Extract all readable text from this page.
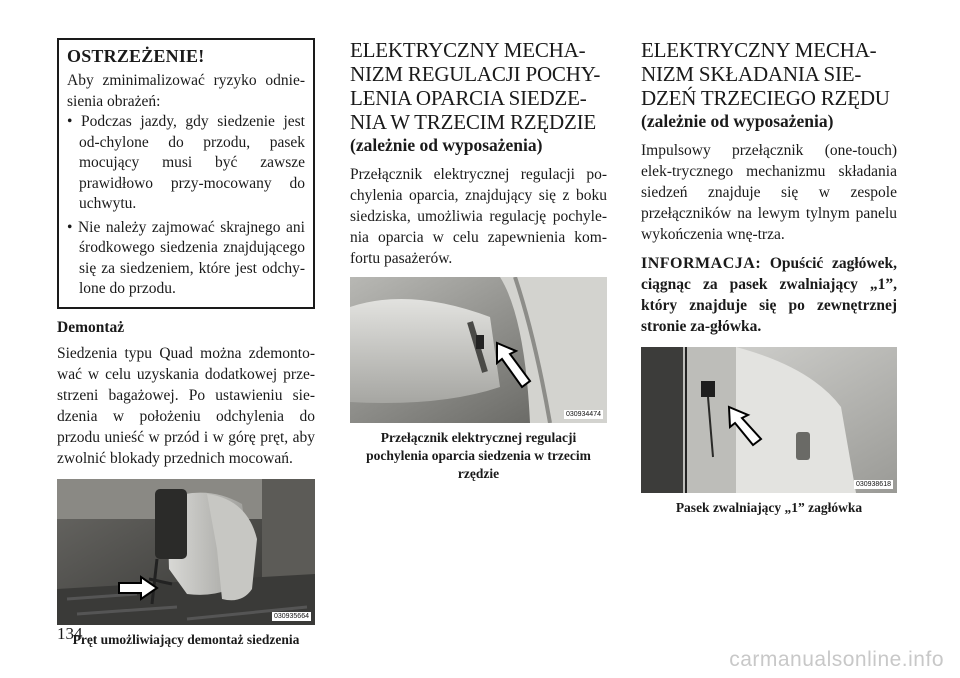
OSTRZEŻENIE!

Aby zminimalizować ryzyko odnie-sienia obrażeń:

• Podczas jazdy, gdy siedzenie jest od-chylone do przodu, pasek mocujący musi być zawsze prawidłowo przy-mocowany do uchwytu.
• Nie należy zajmować skrajnego ani środkowego siedzenia znajdującego się za siedzeniem, które jest odchy-lone do przodu.

Demontaż

Siedzenia typu Quad można zdemonto-wać w celu uzyskania dodatkowej prze-strzeni bagażowej. Po ustawieniu sie-dzenia w położeniu odchylenia do przodu unieść w przód i w górę pręt, aby zwolnić blokady przednich mocowań.

030935664

Pręt umożliwiający demontaż siedzenia

ELEKTRYCZNY MECHA-
NIZM REGULACJI POCHY-
LENIA OPARCIA SIEDZE-
NIA W TRZECIM RZĘDZIE

(zależnie od wyposażenia)

Przełącznik elektrycznej regulacji po-chylenia oparcia, znajdujący się z boku siedziska, umożliwia regulację pochyle-nia oparcia w celu zapewnienia kom-fortu pasażerów.

030934474

Przełącznik elektrycznej regulacji pochylenia oparcia siedzenia w trzecim rzędzie

ELEKTRYCZNY MECHA-
NIZM SKŁADANIA SIE-
DZEŃ TRZECIEGO RZĘDU

(zależnie od wyposażenia)

Impulsowy przełącznik (one-touch) elek-trycznego mechanizmu składania siedzeń znajduje się w zespole przełączników na lewym tylnym panelu wykończenia wnę-trza.

INFORMACJA: Opuścić zagłówek, ciągnąc za pasek zwalniający „1”, który znajduje się po zewnętrznej stronie za-główka.

030938618

Pasek zwalniający „1” zagłówka

134
carmanualsonline.info
